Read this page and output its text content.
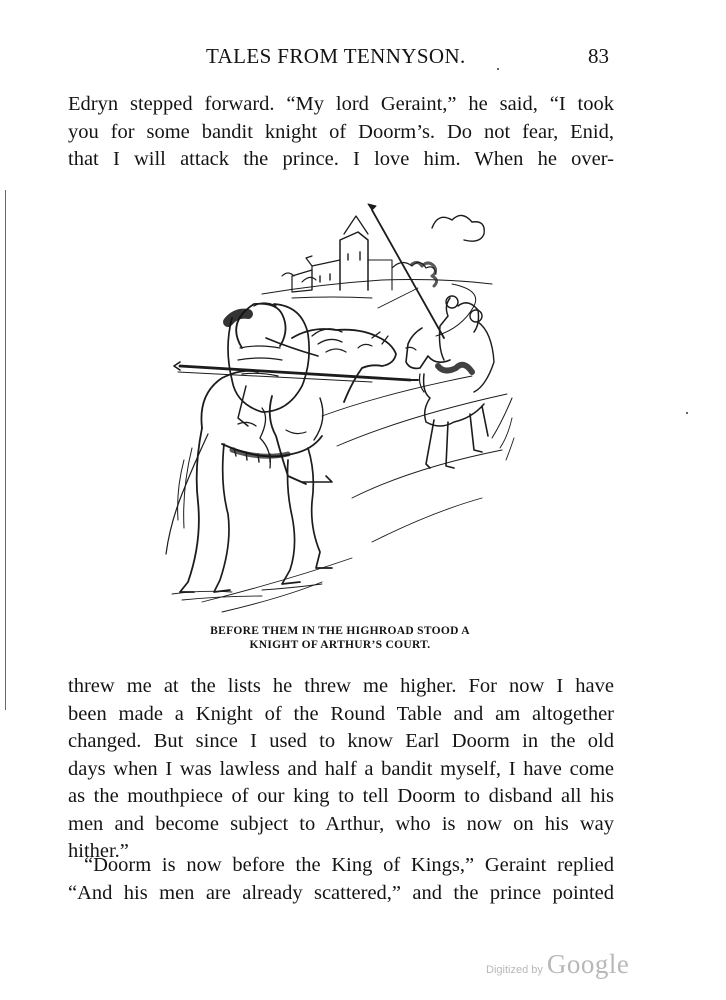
TALES FROM TENNYSON.	83
Edryn stepped forward. “My lord Geraint,” he said, “I took
you for some bandit knight of Doorm’s. Do not fear, Enid,
that I will attack the prince. I love him. When he over-
BEFORE THEM IN THE HIGHROAD STOOD A
KNIGHT OF ARTHUR’S COURT.
threw me at the lists he threw me higher. For now I have
been made a Knight of the Round Table and am altogether
changed. But since I used to know Earl Doorm in the old
days when I was lawless and half a bandit myself, I have come
as the mouthpiece of our king to tell Doorm to disband all his
men and become subject to Arthur, who is now on his way
hither.”
“Doorm is now before the King of Kings,” Geraint replied
“And his men are already scattered,” and the prince pointed
Digitized by Google
